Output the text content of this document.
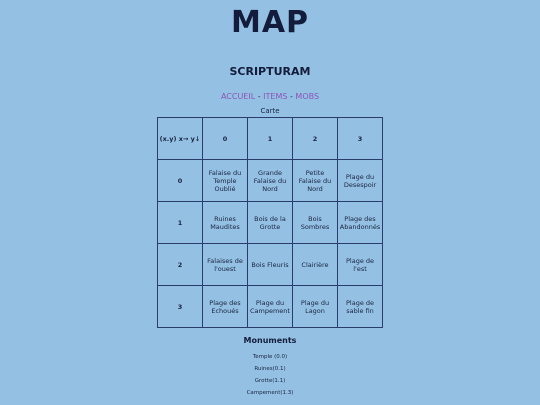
MAP
SCRIPTURAM
ACCUEIL - ITEMS - MOBS
Carte
(x.y) x→ y↓	0	1	2	3
0	Falaise du Temple Oublié	Grande Falaise du Nord	Petite Falaise du Nord	Plage du Desespoir
1	Ruines Maudites	Bois de la Grotte	Bois Sombres	Plage des Abandonnés
2	Falaises de l'ouest	Bois Fleuris	Clairière	Plage de l'est
3	Plage des Echoués	Plage du Campement	Plage du Lagon	Plage de sable fin
Monuments
Temple (0.0)
Ruines(0.1)
Grotte(1.1)
Campement(1.3)
